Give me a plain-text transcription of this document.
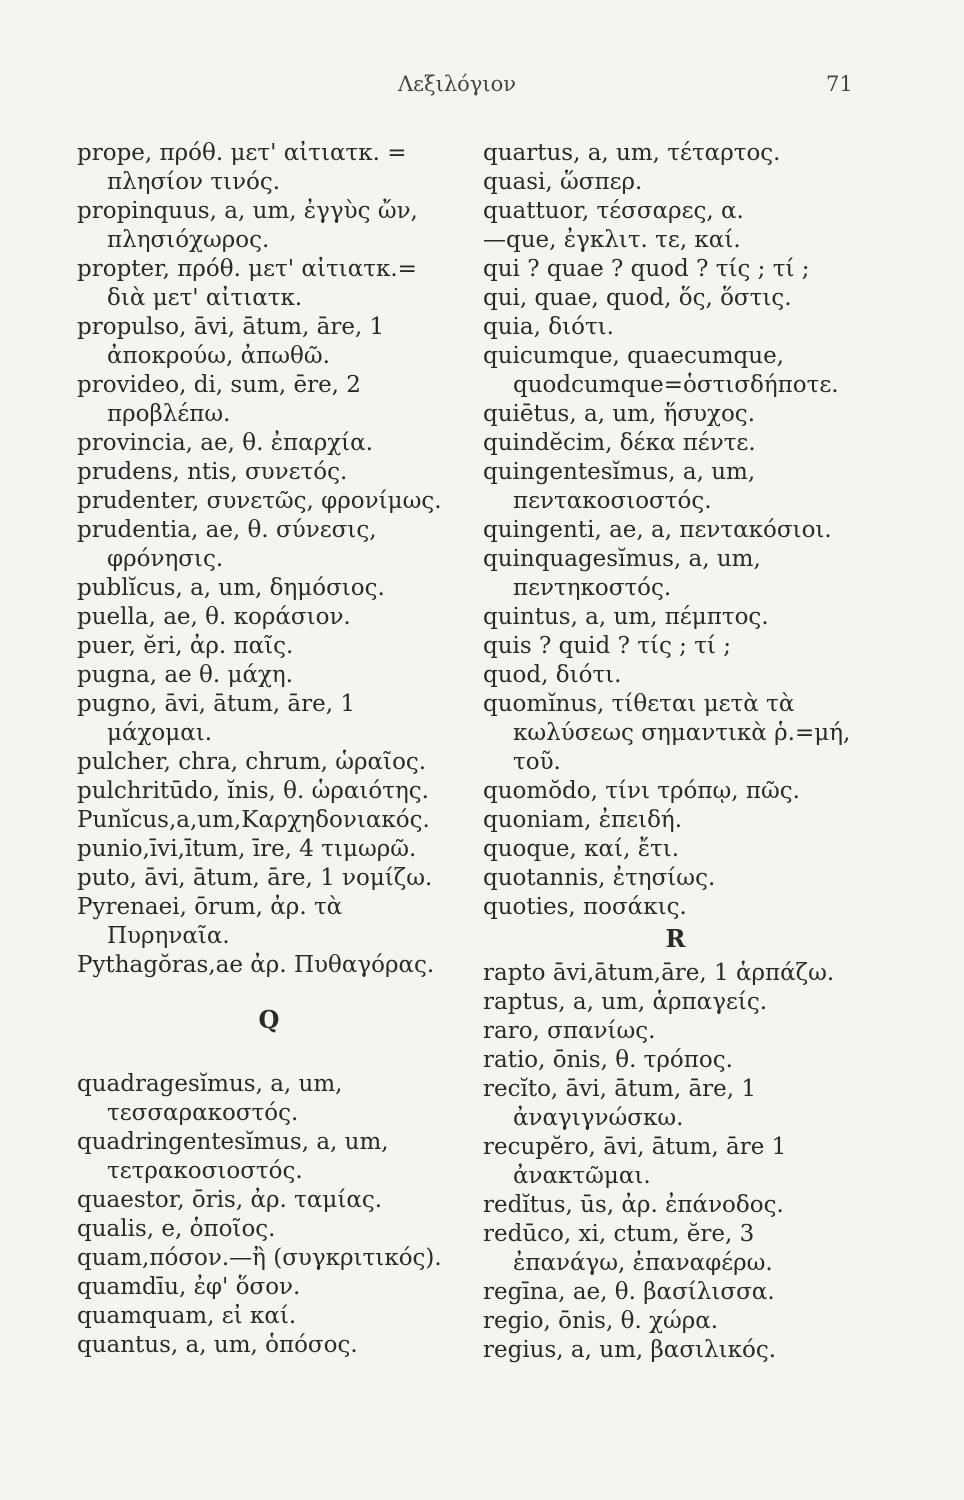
Λεξιλόγιον	71
prope, πρόθ. μετ' αἰτιατκ. = πλησίον τινός.
propinquus, a, um, ἐγγὺς ὤν, πλησιόχωρος.
propter, πρόθ. μετ' αἰτιατκ.= διὰ μετ' αἰτιατκ.
propulso, āvi, ātum, āre, 1 ἀποκρούω, ἀπωθῶ.
provideo, di, sum, ēre, 2 προβλέπω.
provincia, ae, θ. ἐπαρχία.
prudens, ntis, συνετός.
prudenter, συνετῶς, φρονίμως.
prudentia, ae, θ. σύνεσις, φρόνησις.
publĭcus, a, um, δημόσιος.
puella, ae, θ. κοράσιον.
puer, ĕri, ἀρ. παῖς.
pugna, ae θ. μάχη.
pugno, āvi, ātum, āre, 1 μάχομαι.
pulcher, chra, chrum, ὡραῖος.
pulchritūdo, ĭnis, θ. ὡραιότης.
Punĭcus,a,um,Καρχηδονιακός.
punio,īvi,ītum, īre, 4 τιμωρῶ.
puto, āvi, ātum, āre, 1 νομίζω.
Pyrenaei, ōrum, ἀρ. τὰ Πυρηναῖα.
Pythagŏras,ae ἀρ. Πυθαγόρας.
Q
quadragesĭmus, a, um, τεσσαρακοστός.
quadringentesĭmus, a, um, τετρακοσιοστός.
quaestor, ōris, ἀρ. ταμίας.
qualis, e, ὁποῖος.
quam,πόσον.—ἢ (συγκριτικός).
quamdīu, ἐφ' ὅσον.
quamquam, εἰ καί.
quantus, a, um, ὁπόσος.
quartus, a, um, τέταρτος.
quasi, ὥσπερ.
quattuor, τέσσαρες, α.
—que, ἐγκλιτ. τε, καί.
qui ? quae ? quod ? τίς ; τί ;
qui, quae, quod, ὅς, ὅστις.
quia, διότι.
quicumque, quaecumque, quodcumque=ὁστισδήποτε.
quiētus, a, um, ἥσυχος.
quindĕcim, δέκα πέντε.
quingentesĭmus, a, um, πεντακοσιοστός.
quingenti, ae, a, πεντακόσιοι.
quinquagesĭmus, a, um, πεντηκοστός.
quintus, a, um, πέμπτος.
quis ? quid ? τίς ; τί ;
quod, διότι.
quomĭnus, τίθεται μετὰ τὰ κωλύσεως σημαντικὰ ῥ.=μή, τοῦ.
quomŏdo, τίνι τρόπῳ, πῶς.
quoniam, ἐπειδή.
quoque, καί, ἔτι.
quotannis, ἐτησίως.
quoties, ποσάκις.
R
rapto āvi,ātum,āre, 1 ἁρπάζω.
raptus, a, um, ἁρπαγείς.
raro, σπανίως.
ratio, ōnis, θ. τρόπος.
recĭto, āvi, ātum, āre, 1 ἀναγιγνώσκω.
recupĕro, āvi, ātum, āre 1 ἀνακτῶμαι.
redĭtus, ūs, ἀρ. ἐπάνοδος.
redūco, xi, ctum, ĕre, 3 ἐπανάγω, ἐπαναφέρω.
regīna, ae, θ. βασίλισσα.
regio, ōnis, θ. χώρα.
regius, a, um, βασιλικός.
